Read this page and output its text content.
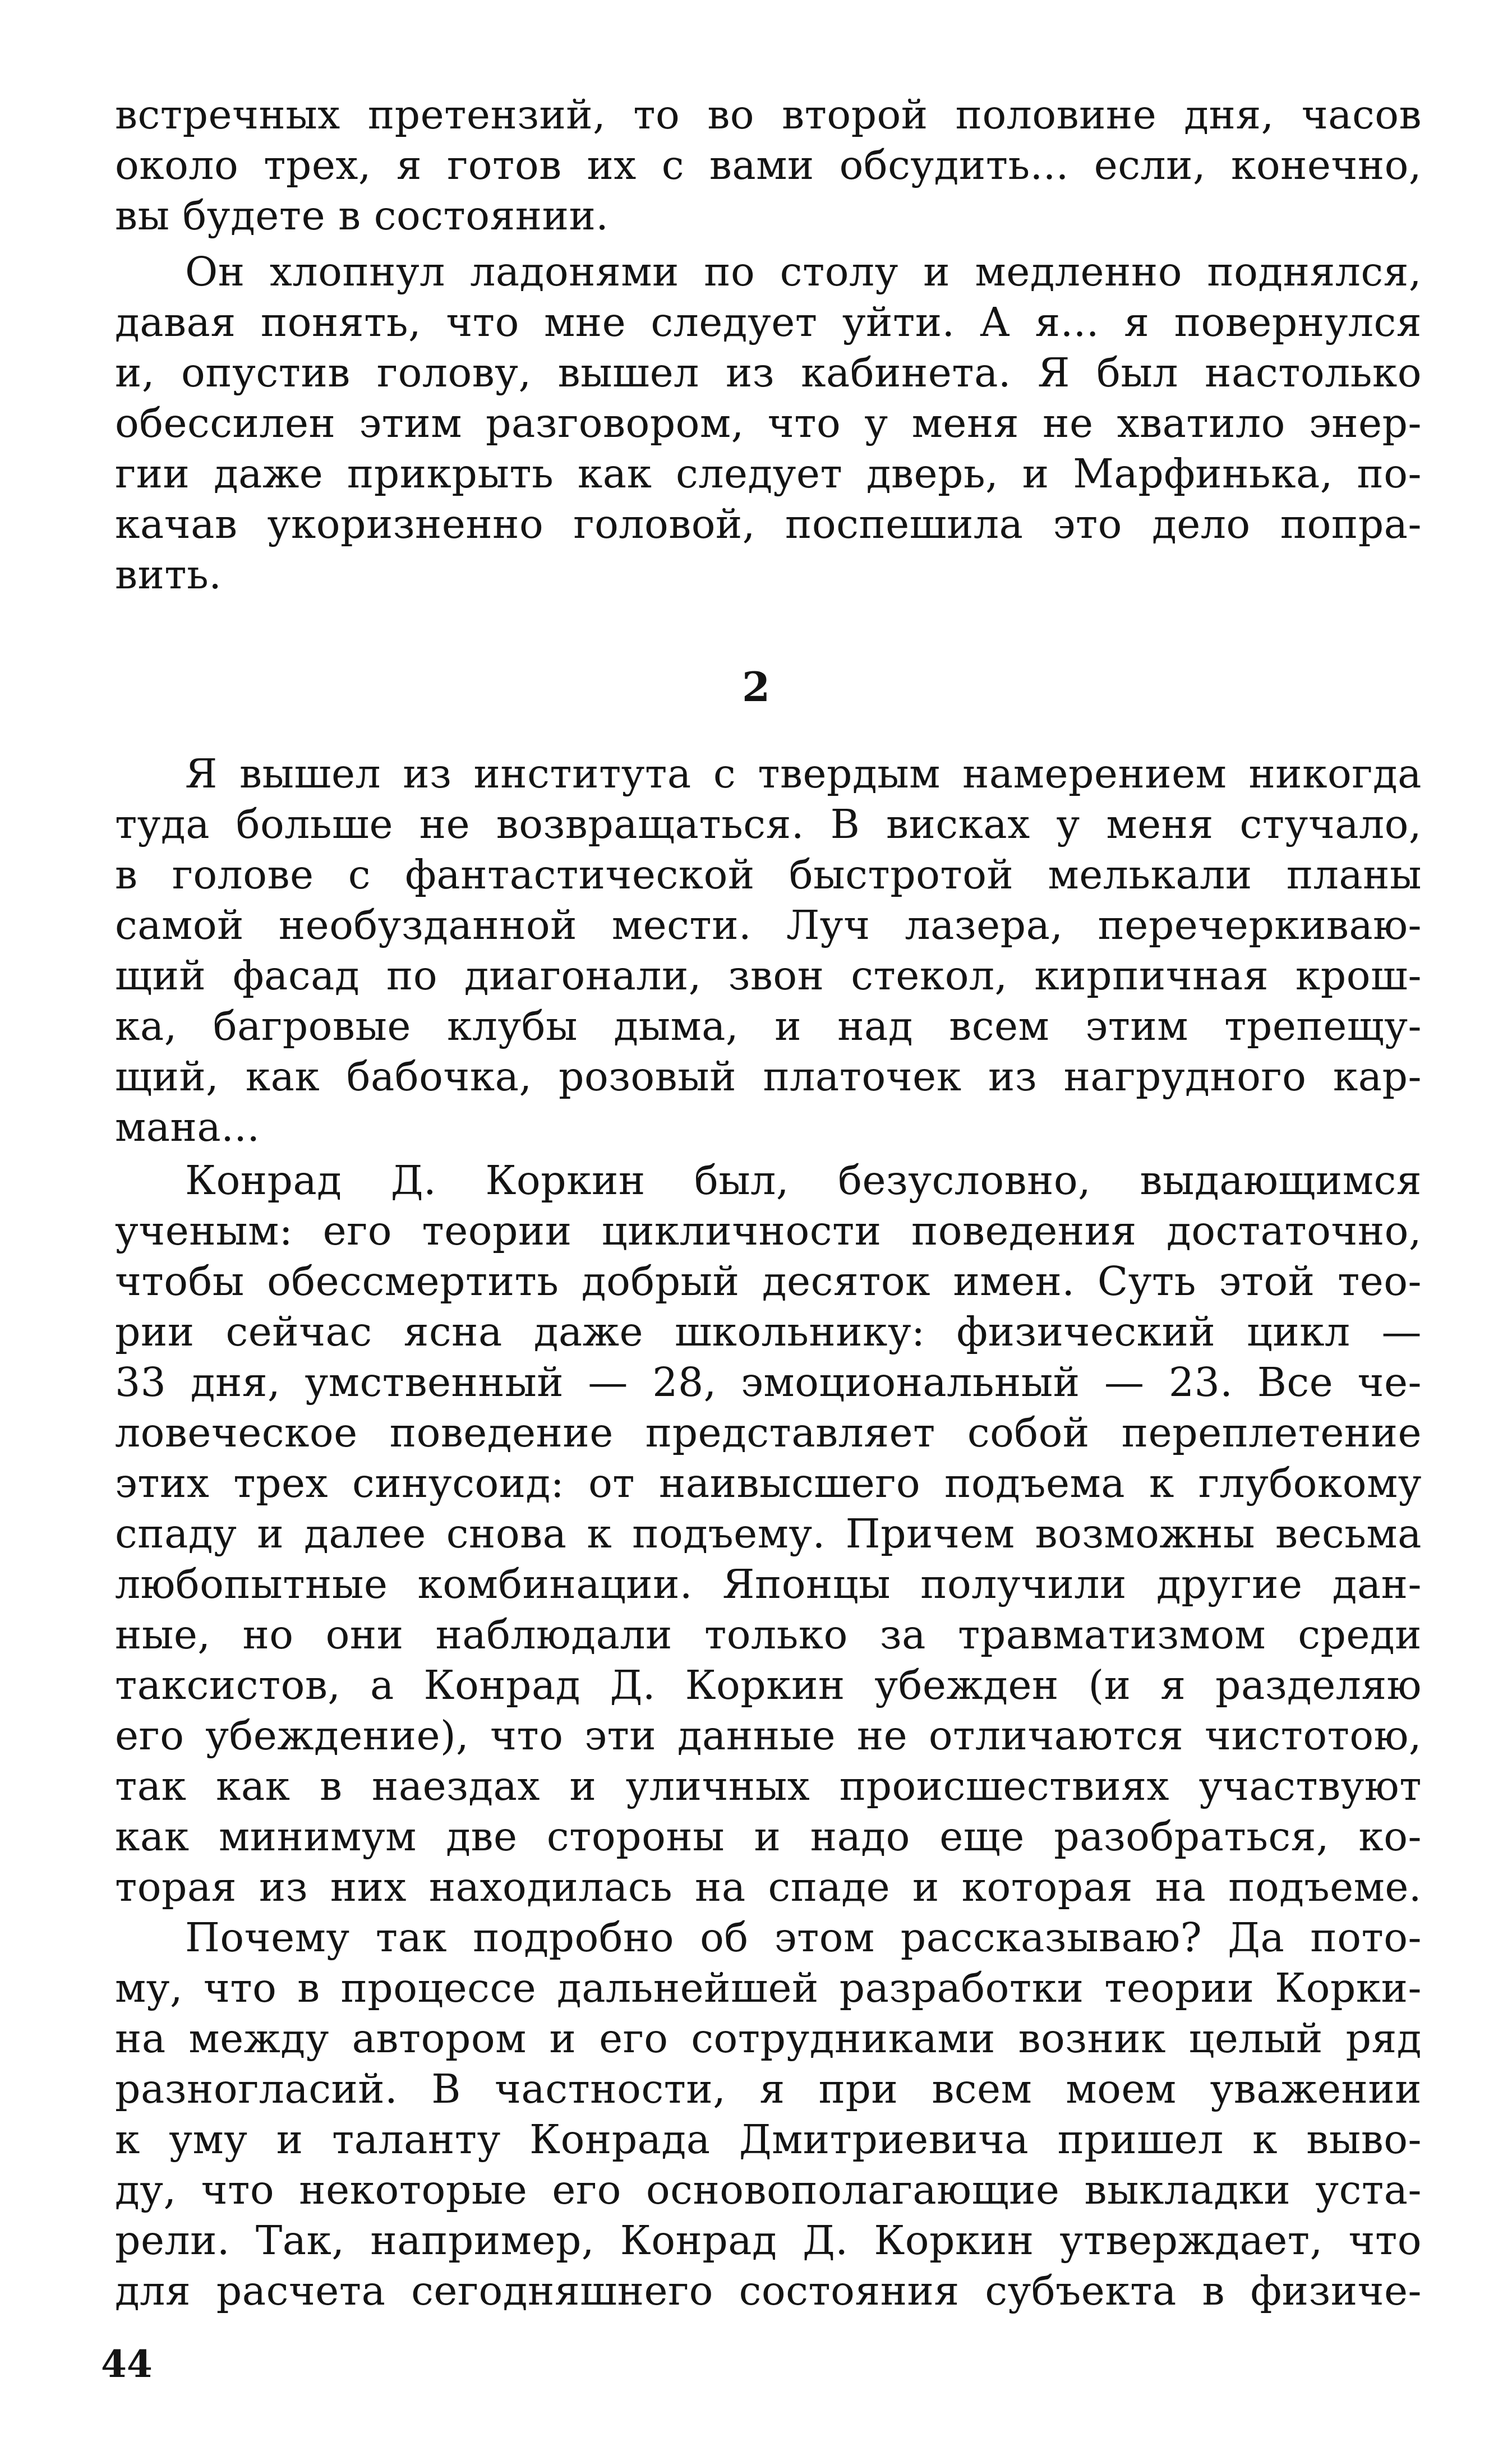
встречных претензий, то во второй половине дня, часов
около трех, я готов их с вами обсудить... если, конечно,
вы будете в состоянии.
Он хлопнул ладонями по столу и медленно поднялся,
давая понять, что мне следует уйти. А я... я повернулся
и, опустив голову, вышел из кабинета. Я был настолько
обессилен этим разговором, что у меня не хватило энер-
гии даже прикрыть как следует дверь, и Марфинька, по-
качав укоризненно головой, поспешила это дело попра-
вить.
2
Я вышел из института с твердым намерением никогда
туда больше не возвращаться. В висках у меня стучало,
в голове с фантастической быстротой мелькали планы
самой необузданной мести. Луч лазера, перечеркиваю-
щий фасад по диагонали, звон стекол, кирпичная крош-
ка, багровые клубы дыма, и над всем этим трепещу-
щий, как бабочка, розовый платочек из нагрудного кар-
мана...
Конрад Д. Коркин был, безусловно, выдающимся
ученым: его теории цикличности поведения достаточно,
чтобы обессмертить добрый десяток имен. Суть этой тео-
рии сейчас ясна даже школьнику: физический цикл —
33 дня, умственный — 28, эмоциональный — 23. Все че-
ловеческое поведение представляет собой переплетение
этих трех синусоид: от наивысшего подъема к глубокому
спаду и далее снова к подъему. Причем возможны весьма
любопытные комбинации. Японцы получили другие дан-
ные, но они наблюдали только за травматизмом среди
таксистов, а Конрад Д. Коркин убежден (и я разделяю
его убеждение), что эти данные не отличаются чистотою,
так как в наездах и уличных происшествиях участвуют
как минимум две стороны и надо еще разобраться, ко-
торая из них находилась на спаде и которая на подъеме.
Почему так подробно об этом рассказываю? Да пото-
му, что в процессе дальнейшей разработки теории Корки-
на между автором и его сотрудниками возник целый ряд
разногласий. В частности, я при всем моем уважении
к уму и таланту Конрада Дмитриевича пришел к выво-
ду, что некоторые его основополагающие выкладки уста-
рели. Так, например, Конрад Д. Коркин утверждает, что
для расчета сегодняшнего состояния субъекта в физиче-
44
